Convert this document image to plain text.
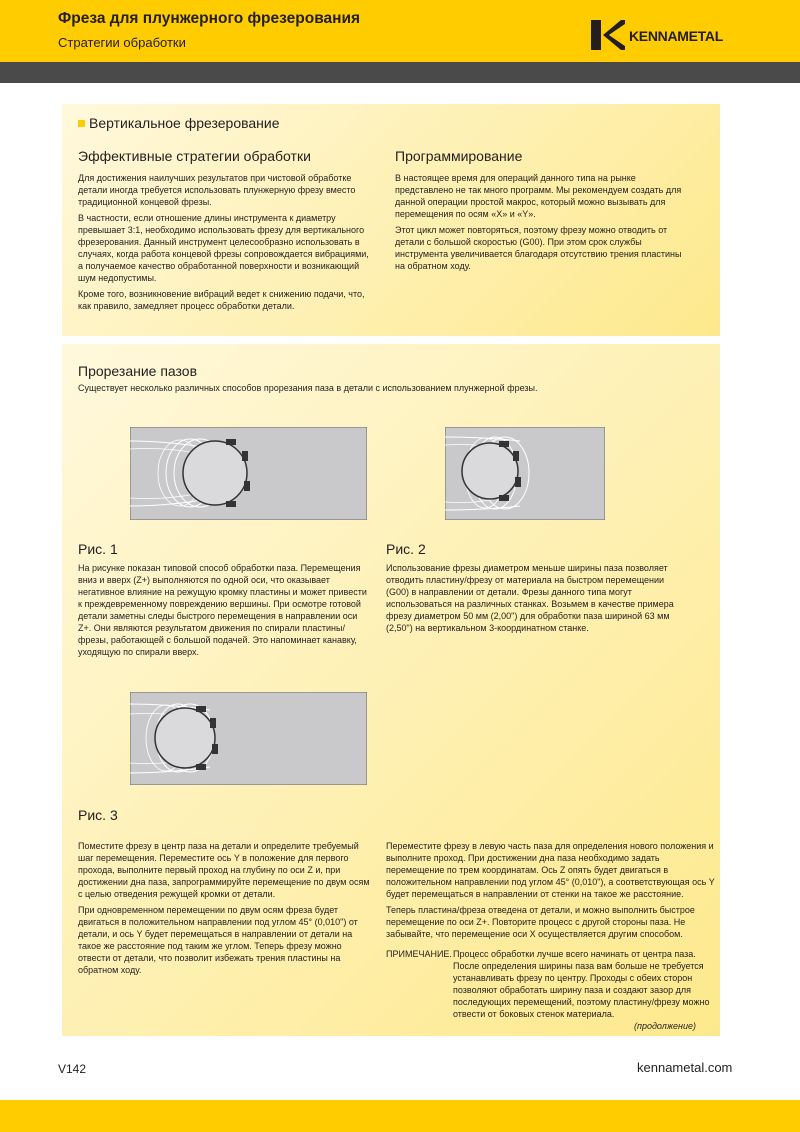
Фреза для плунжерного фрезерования
Стратегии обработки	KENNAMETAL
Вертикальное фрезерование
Эффективные стратегии обработки
Для достижения наилучших результатов при чистовой обработке детали иногда требуется использовать плунжерную фрезу вместо традиционной концевой фрезы.
В частности, если отношение длины инструмента к диаметру превышает 3:1, необходимо использовать фрезу для вертикального фрезерования. Данный инструмент целесообразно использовать в случаях, когда работа концевой фрезы сопровождается вибрациями, а получаемое качество обработанной поверхности и возникающий шум недопустимы.
Кроме того, возникновение вибраций ведет к снижению подачи, что, как правило, замедляет процесс обработки детали.
Программирование
В настоящее время для операций данного типа на рынке представлено не так много программ. Мы рекомендуем создать для данной операции простой макрос, который можно вызывать для перемещения по осям «X» и «Y».
Этот цикл может повторяться, поэтому фрезу можно отводить от детали с большой скоростью (G00). При этом срок службы инструмента увеличивается благодаря отсутствию трения пластины на обратном ходу.
Прорезание пазов
Существует несколько различных способов прорезания паза в детали с использованием плунжерной фрезы.
Рис. 1
На рисунке показан типовой способ обработки паза. Перемещения вниз и вверх (Z+) выполняются по одной оси, что оказывает негативное влияние на режущую кромку пластины и может привести к преждевременному повреждению вершины. При осмотре готовой детали заметны следы быстрого перемещения в направлении оси Z+. Они являются результатом движения по спирали пластины/фрезы, работающей с большой подачей. Это напоминает канавку, уходящую по спирали вверх.
Рис. 2
Использование фрезы диаметром меньше ширины паза позволяет отводить пластину/фрезу от материала на быстром перемещении (G00) в направлении от детали. Фрезы данного типа могут использоваться на различных станках. Возьмем в качестве примера фрезу диаметром 50 мм (2,00") для обработки паза шириной 63 мм (2,50") на вертикальном 3-координатном станке.
Рис. 3
Поместите фрезу в центр паза на детали и определите требуемый шаг перемещения. Переместите ось Y в положение для первого прохода, выполните первый проход на глубину по оси Z и, при достижении дна паза, запрограммируйте перемещение по двум осям с целью отведения режущей кромки от детали.
При одновременном перемещении по двум осям фреза будет двигаться в положительном направлении под углом 45° (0,010") от детали, и ось Y будет перемещаться в направлении от детали на такое же расстояние под таким же углом. Теперь фрезу можно отвести от детали, что позволит избежать трения пластины на обратном ходу.
Переместите фрезу в левую часть паза для определения нового положения и выполните проход. При достижении дна паза необходимо задать перемещение по трем координатам. Ось Z опять будет двигаться в положительном направлении под углом 45° (0,010"), а соответствующая ось Y будет перемещаться в направлении от стенки на такое же расстояние.
Теперь пластина/фреза отведена от детали, и можно выполнить быстрое перемещение по оси Z+. Повторите процесс с другой стороны паза. Не забывайте, что перемещение оси X осуществляется другим способом.
ПРИМЕЧАНИЕ. Процесс обработки лучше всего начинать от центра паза. После определения ширины паза вам больше не требуется устанавливать фрезу по центру. Проходы с обеих сторон позволяют обработать ширину паза и создают зазор для последующих перемещений, поэтому пластину/фрезу можно отвести от боковых стенок материала.
(продолжение)
V142	kennametal.com
